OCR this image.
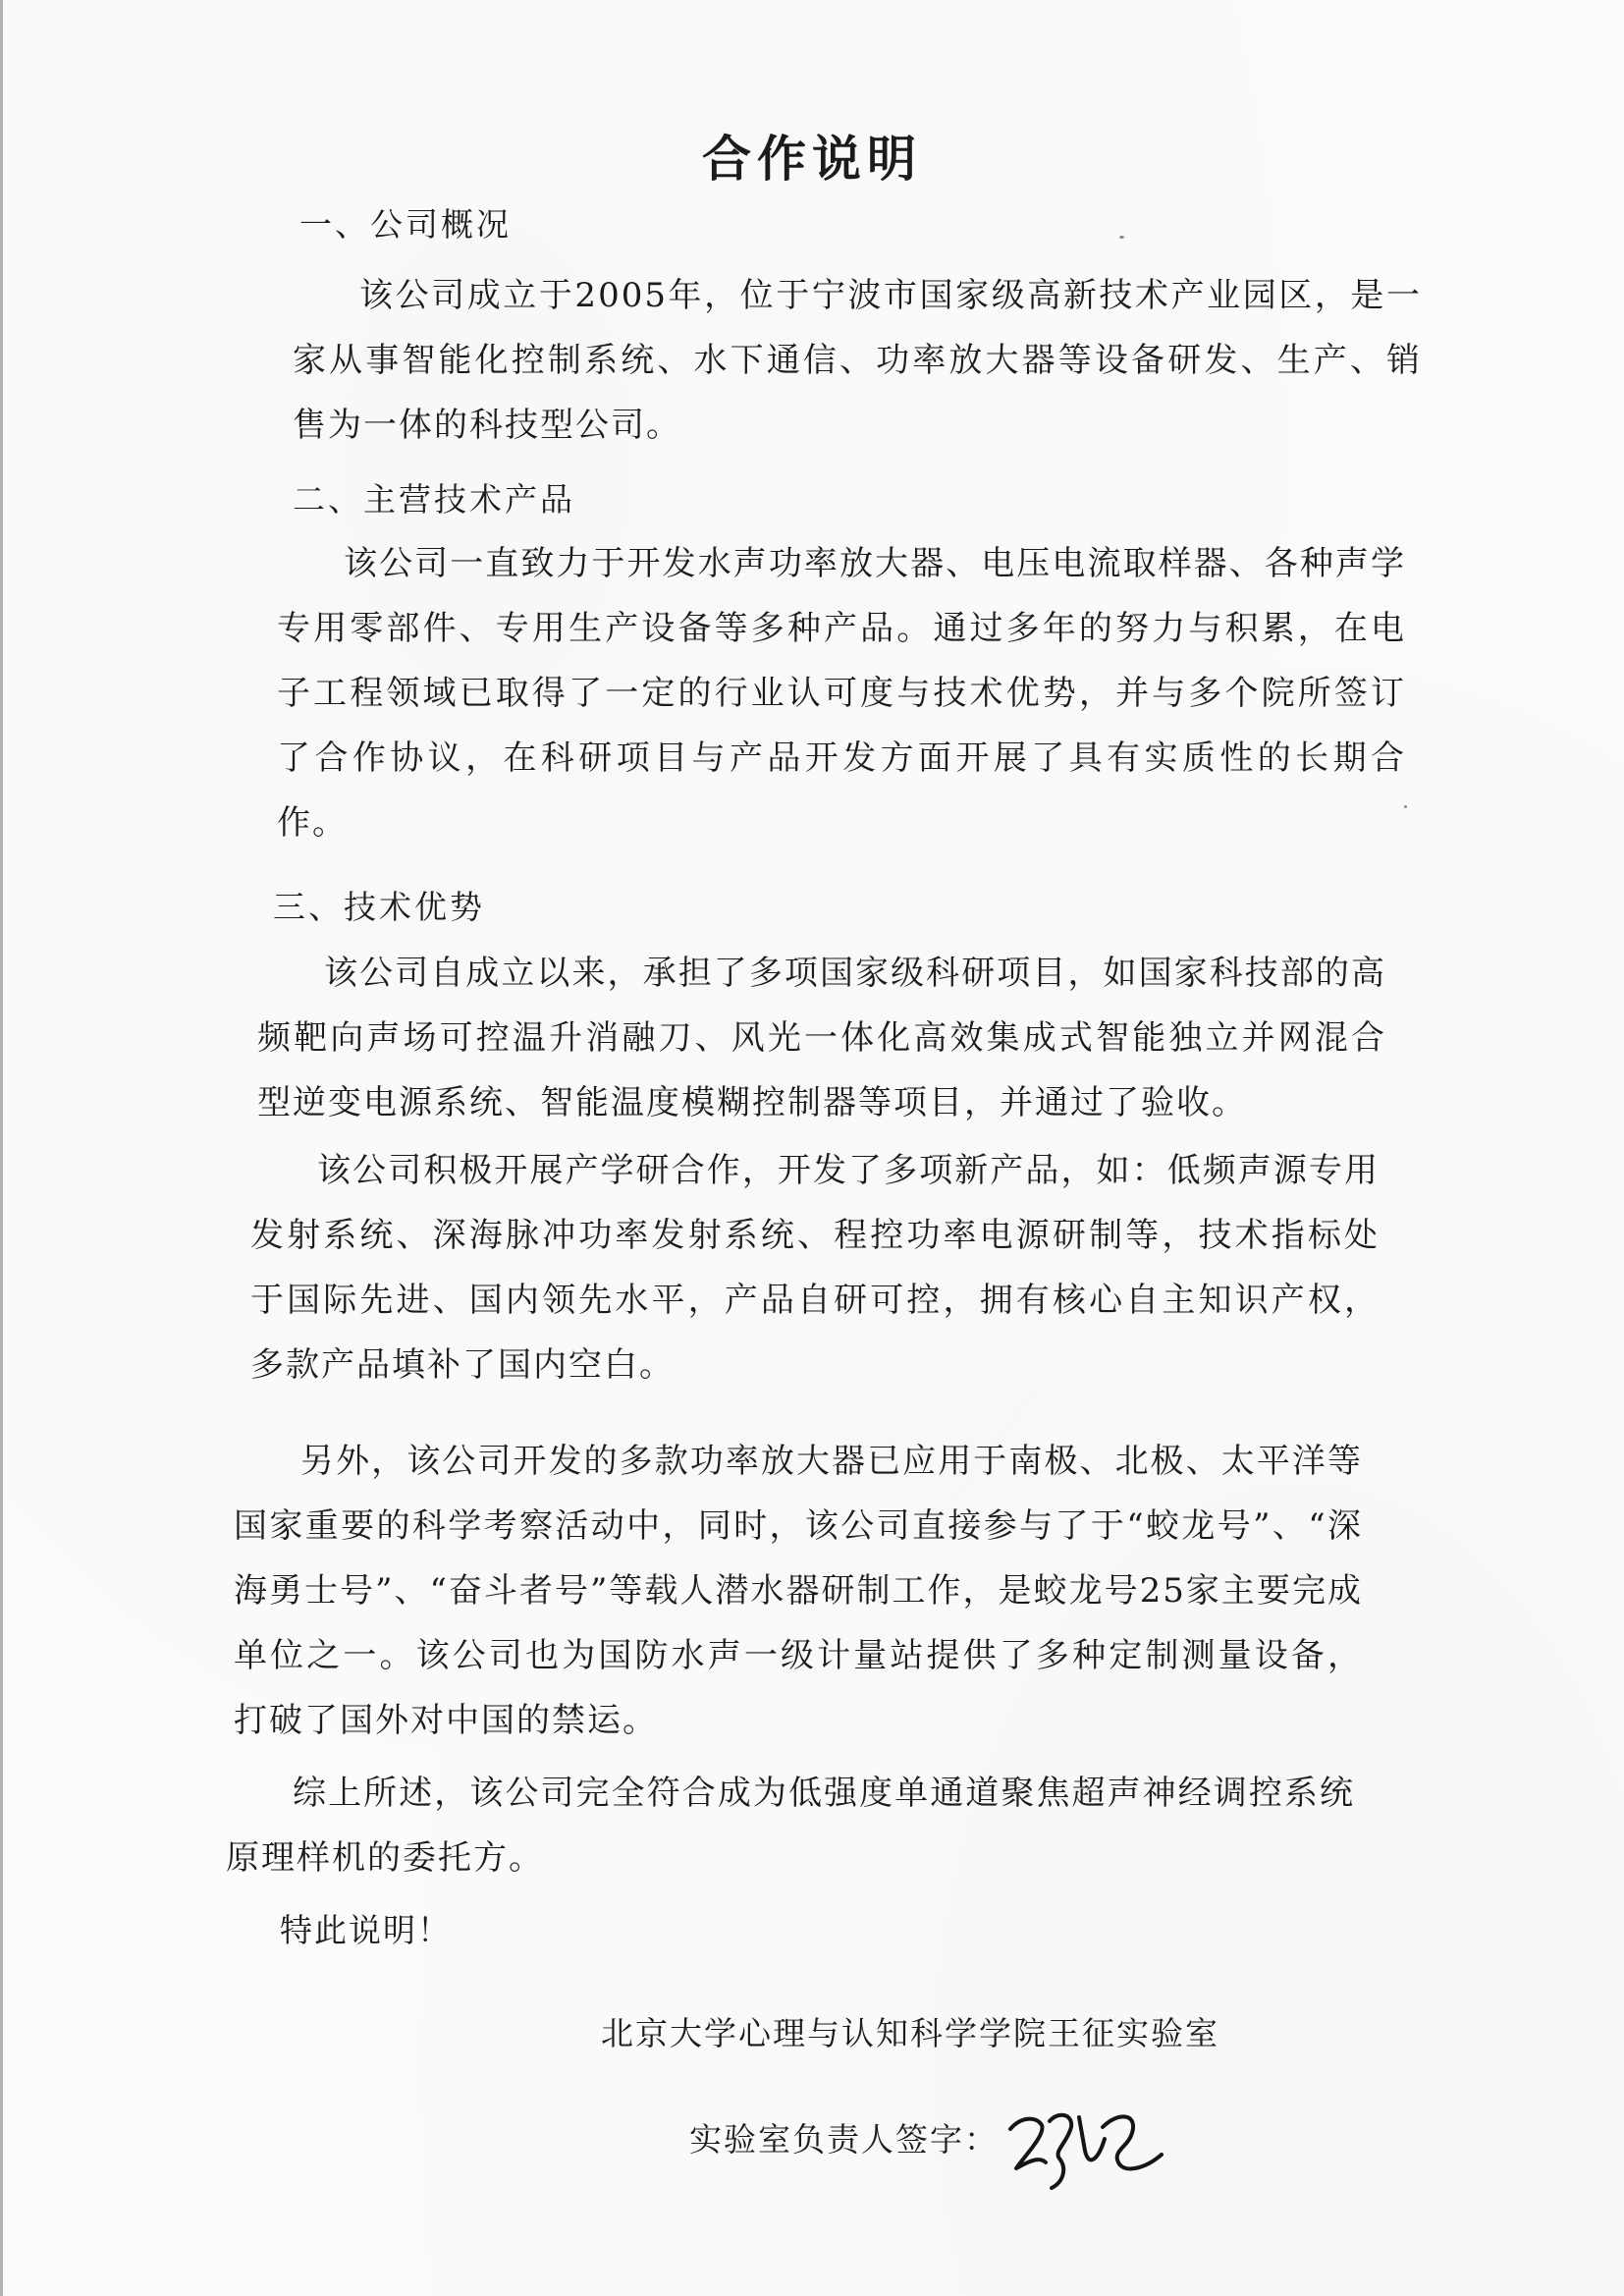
合作说明
一、公司概况
该公司成立于2005年，位于宁波市国家级高新技术产业园区，是一家从事智能化控制系统、水下通信、功率放大器等设备研发、生产、销售为一体的科技型公司。
二、主营技术产品
该公司一直致力于开发水声功率放大器、电压电流取样器、各种声学专用零部件、专用生产设备等多种产品。通过多年的努力与积累，在电子工程领域已取得了一定的行业认可度与技术优势，并与多个院所签订了合作协议，在科研项目与产品开发方面开展了具有实质性的长期合作。
三、技术优势
该公司自成立以来，承担了多项国家级科研项目，如国家科技部的高频靶向声场可控温升消融刀、风光一体化高效集成式智能独立并网混合型逆变电源系统、智能温度模糊控制器等项目，并通过了验收。
该公司积极开展产学研合作，开发了多项新产品，如：低频声源专用发射系统、深海脉冲功率发射系统、程控功率电源研制等，技术指标处于国际先进、国内领先水平，产品自研可控，拥有核心自主知识产权，多款产品填补了国内空白。
另外，该公司开发的多款功率放大器已应用于南极、北极、太平洋等国家重要的科学考察活动中，同时，该公司直接参与了于“蛟龙号”、“深海勇士号”、“奋斗者号”等载人潜水器研制工作，是蛟龙号25家主要完成单位之一。该公司也为国防水声一级计量站提供了多种定制测量设备，打破了国外对中国的禁运。
综上所述，该公司完全符合成为低强度单通道聚焦超声神经调控系统原理样机的委托方。
特此说明！
北京大学心理与认知科学学院王征实验室
实验室负责人签字：
